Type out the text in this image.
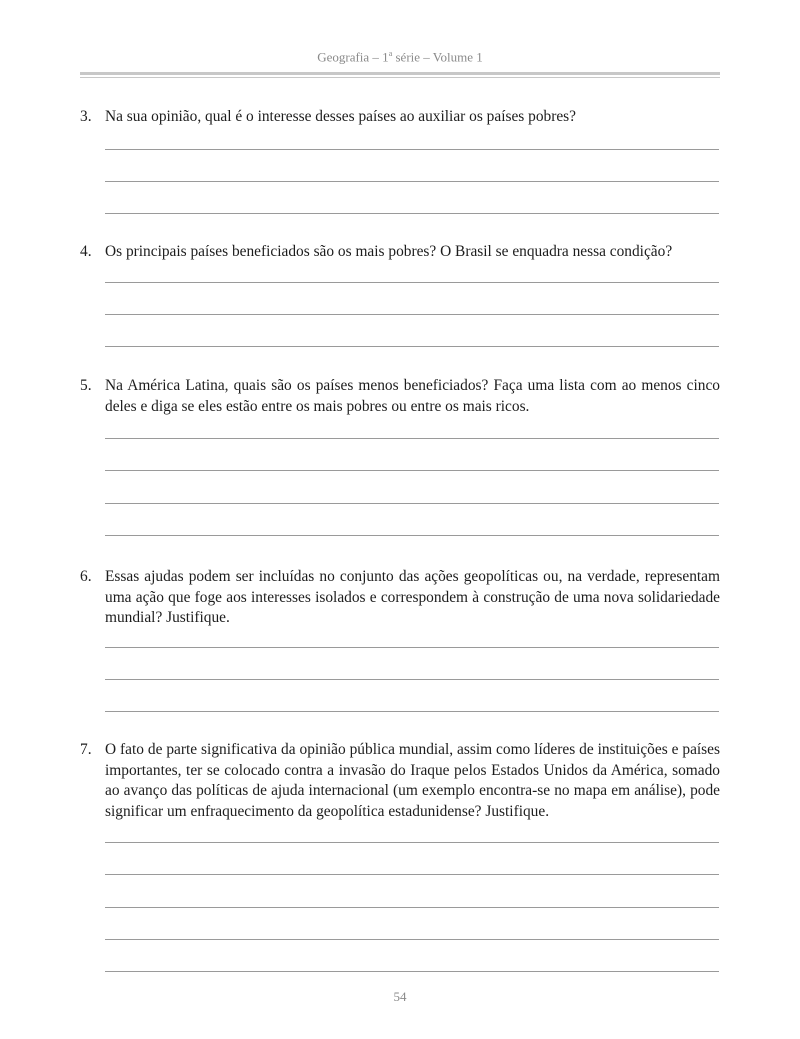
Geografia – 1$^a$ série – Volume 1
3. Na sua opinião, qual é o interesse desses países ao auxiliar os países pobres?
4. Os principais países beneficiados são os mais pobres? O Brasil se enquadra nessa condição?
5. Na América Latina, quais são os países menos beneficiados? Faça uma lista com ao menos cinco deles e diga se eles estão entre os mais pobres ou entre os mais ricos.
6. Essas ajudas podem ser incluídas no conjunto das ações geopolíticas ou, na verdade, representam uma ação que foge aos interesses isolados e correspondem à construção de uma nova solidariedade mundial? Justifique.
7. O fato de parte significativa da opinião pública mundial, assim como líderes de instituições e países importantes, ter se colocado contra a invasão do Iraque pelos Estados Unidos da América, somado ao avanço das políticas de ajuda internacional (um exemplo encontra-se no mapa em análise), pode significar um enfraquecimento da geopolítica estadunidense? Justifique.
54
